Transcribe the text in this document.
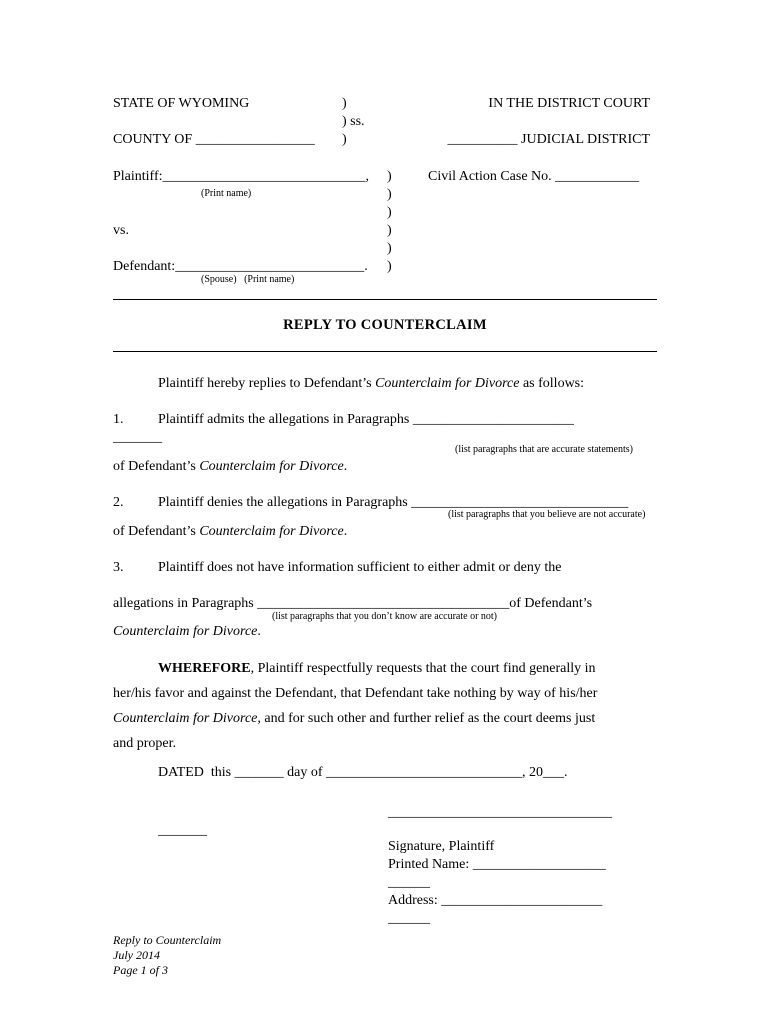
STATE OF WYOMING	)	IN THE DISTRICT COURT
) ss.
COUNTY OF _________________ )	__________ JUDICIAL DISTRICT
Plaintiff:_____________________________, )	Civil Action Case No. ____________
(Print name)	)
)
vs.	)
)
Defendant:___________________________. )
(Spouse) (Print name)
REPLY TO COUNTERCLAIM
Plaintiff hereby replies to Defendant’s Counterclaim for Divorce as follows:
1. Plaintiff admits the allegations in Paragraphs _______________________
_______
(list paragraphs that are accurate statements)
of Defendant’s Counterclaim for Divorce.
2. Plaintiff denies the allegations in Paragraphs _______________________________
(list paragraphs that you believe are not accurate)
of Defendant’s Counterclaim for Divorce.
3. Plaintiff does not have information sufficient to either admit or deny the
allegations in Paragraphs ____________________________________of Defendant’s
(list paragraphs that you don’t know are accurate or not)
Counterclaim for Divorce.
WHEREFORE, Plaintiff respectfully requests that the court find generally in
her/his favor and against the Defendant, that Defendant take nothing by way of his/her
Counterclaim for Divorce, and for such other and further relief as the court deems just
and proper.
DATED  this _______ day of ____________________________, 20___.
________________________________
_______
Signature, Plaintiff
Printed Name: ___________________
______
Address: _______________________
______
Reply to Counterclaim
July 2014
Page 1 of 3
